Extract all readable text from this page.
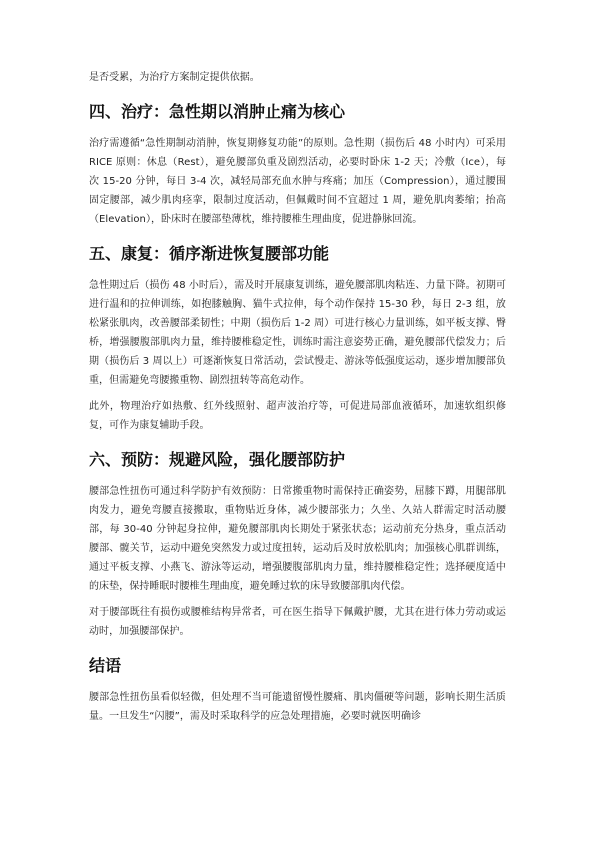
是否受累，为治疗方案制定提供依据。

四、治疗：急性期以消肿止痛为核心

治疗需遵循“急性期制动消肿，恢复期修复功能”的原则。急性期（损伤后 48 小时内）可采用 RICE 原则：休息（Rest），避免腰部负重及剧烈活动，必要时卧床 1-2 天；冷敷（Ice），每次 15-20 分钟，每日 3-4 次，减轻局部充血水肿与疼痛；加压（Compression），通过腰围固定腰部，减少肌肉痉挛，限制过度活动，但佩戴时间不宜超过 1 周，避免肌肉萎缩；抬高（Elevation），卧床时在腰部垫薄枕，维持腰椎生理曲度，促进静脉回流。

五、康复：循序渐进恢复腰部功能

急性期过后（损伤 48 小时后），需及时开展康复训练，避免腰部肌肉粘连、力量下降。初期可进行温和的拉伸训练，如抱膝触胸、猫牛式拉伸，每个动作保持 15-30 秒，每日 2-3 组，放松紧张肌肉，改善腰部柔韧性；中期（损伤后 1-2 周）可进行核心力量训练，如平板支撑、臀桥，增强腰腹部肌肉力量，维持腰椎稳定性，训练时需注意姿势正确，避免腰部代偿发力；后期（损伤后 3 周以上）可逐渐恢复日常活动，尝试慢走、游泳等低强度运动，逐步增加腰部负重，但需避免弯腰搬重物、剧烈扭转等高危动作。

此外，物理治疗如热敷、红外线照射、超声波治疗等，可促进局部血液循环，加速软组织修复，可作为康复辅助手段。

六、预防：规避风险，强化腰部防护

腰部急性扭伤可通过科学防护有效预防：日常搬重物时需保持正确姿势，屈膝下蹲，用腿部肌肉发力，避免弯腰直接搬取，重物贴近身体，减少腰部张力；久坐、久站人群需定时活动腰部，每 30-40 分钟起身拉伸，避免腰部肌肉长期处于紧张状态；运动前充分热身，重点活动腰部、髋关节，运动中避免突然发力或过度扭转，运动后及时放松肌肉；加强核心肌群训练，通过平板支撑、小燕飞、游泳等运动，增强腰腹部肌肉力量，维持腰椎稳定性；选择硬度适中的床垫，保持睡眠时腰椎生理曲度，避免睡过软的床导致腰部肌肉代偿。

对于腰部既往有损伤或腰椎结构异常者，可在医生指导下佩戴护腰，尤其在进行体力劳动或运动时，加强腰部保护。

结语

腰部急性扭伤虽看似轻微，但处理不当可能遗留慢性腰痛、肌肉僵硬等问题，影响长期生活质量。一旦发生“闪腰”，需及时采取科学的应急处理措施，必要时就医明确诊
